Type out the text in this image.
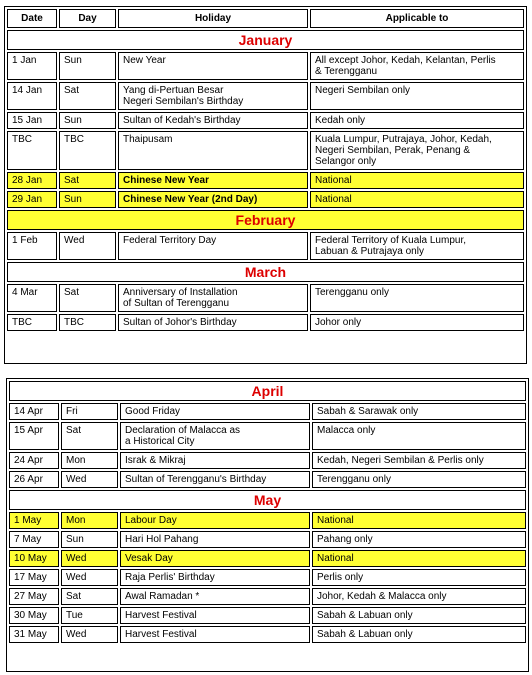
Date	Day	Holiday	Applicable to
January			
1 Jan	Sun	New Year	All except Johor, Kedah, Kelantan, Perlis
& Terengganu

14 Jan	Sat	Yang di-Pertuan Besar
Negeri Sembilan's Birthday	Negeri Sembilan only

15 Jan	Sun	Sultan of Kedah's Birthday	Kedah only

TBC	TBC	Thaipusam	Kuala Lumpur, Putrajaya, Johor, Kedah,
Negeri Sembilan, Perak, Penang &
Selangor only

28 Jan	Sat	Chinese New Year	National

29 Jan	Sun	Chinese New Year (2nd Day)	National

February			
1 Feb	Wed	Federal Territory Day	Federal Territory of Kuala Lumpur,
Labuan & Putrajaya only

March			
4 Mar	Sat	Anniversary of Installation
of Sultan of Terengganu	Terengganu only

TBC	TBC	Sultan of Johor's Birthday	Johor only
April			
14 Apr	Fri	Good Friday	Sabah & Sarawak only

15 Apr	Sat	Declaration of Malacca as
a Historical City	Malacca only

24 Apr	Mon	Israk & Mikraj	Kedah, Negeri Sembilan & Perlis only

26 Apr	Wed	Sultan of Terengganu's Birthday	Terengganu only

May			
1 May	Mon	Labour Day	National

7 May	Sun	Hari Hol Pahang	Pahang only

10 May	Wed	Vesak Day	National

17 May	Wed	Raja Perlis' Birthday	Perlis only

27 May	Sat	Awal Ramadan *	Johor, Kedah & Malacca only

30 May	Tue	Harvest Festival	Sabah & Labuan only

31 May	Wed	Harvest Festival	Sabah & Labuan only
